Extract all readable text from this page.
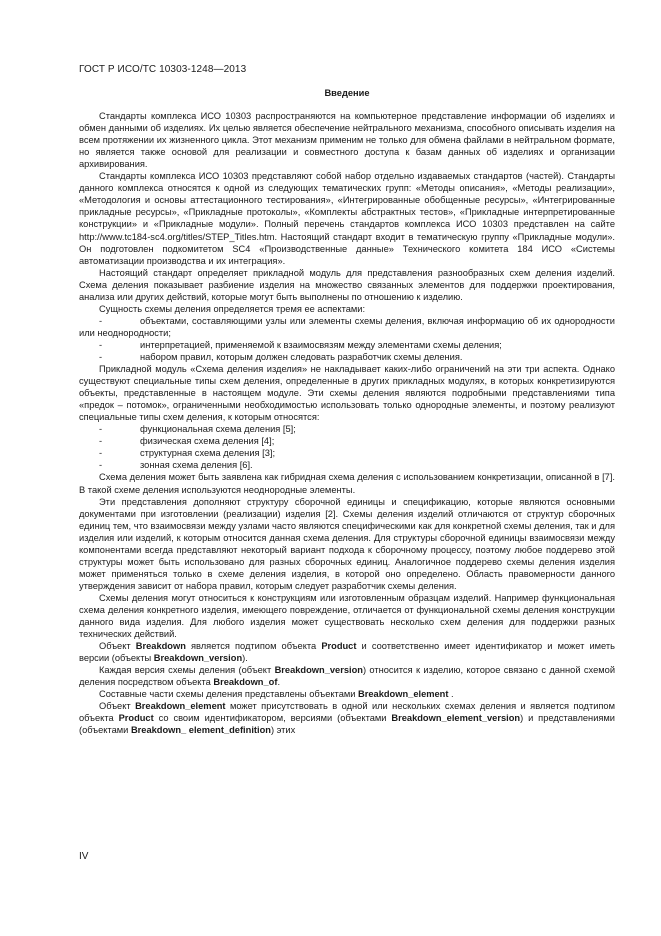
ГОСТ Р ИСО/ТС 10303-1248—2013
Введение

Стандарты комплекса ИСО 10303 распространяются на компьютерное представление информации об изделиях и обмен данными об изделиях. Их целью является обеспечение нейтрального механизма, способного описывать изделия на всем протяжении их жизненного цикла. Этот механизм применим не только для обмена файлами в нейтральном формате, но является также основой для реализации и совместного доступа к базам данных об изделиях и организации архивирования.

Стандарты комплекса ИСО 10303 представляют собой набор отдельно издаваемых стандартов (частей). Стандарты данного комплекса относятся к одной из следующих тематических групп: «Методы описания», «Методы реализации», «Методология и основы аттестационного тестирования», «Интегрированные обобщенные ресурсы», «Интегрированные прикладные ресурсы», «Прикладные протоколы», «Комплекты абстрактных тестов», «Прикладные интерпретированные конструкции» и «Прикладные модули». Полный перечень стандартов комплекса ИСО 10303 представлен на сайте http://www.tc184-sc4.org/titles/STEP_Titles.htm. Настоящий стандарт входит в тематическую группу «Прикладные модули». Он подготовлен подкомитетом SC4 «Производственные данные» Технического комитета 184 ИСО «Системы автоматизации производства и их интеграция».

Настоящий стандарт определяет прикладной модуль для представления разнообразных схем деления изделий. Схема деления показывает разбиение изделия на множество связанных элементов для поддержки проектирования, анализа или других действий, которые могут быть выполнены по отношению к изделию.

Сущность схемы деления определяется тремя ее аспектами:

-	объектами, составляющими узлы или элементы схемы деления, включая информацию об их однородности или неоднородности;

-	интерпретацией, применяемой к взаимосвязям между элементами схемы деления;

-	набором правил, которым должен следовать разработчик схемы деления.

Прикладной модуль «Схема деления изделия» не накладывает каких-либо ограничений на эти три аспекта. Однако существуют специальные типы схем деления, определенные в других прикладных модулях, в которых конкретизируются объекты, представленные в настоящем модуле. Эти схемы деления являются подробными представлениями типа «предок – потомок», ограниченными необходимостью использовать только однородные элементы, и поэтому реализуют специальные типы схем деления, к которым относятся:

-	функциональная схема деления [5];

-	физическая схема деления [4];

-	структурная схема деления [3];

-	зонная схема деления [6].

Схема деления может быть заявлена как гибридная схема деления с использованием конкретизации, описанной в [7]. В такой схеме деления используются неоднородные элементы.

Эти представления дополняют структуру сборочной единицы и спецификацию, которые являются основными документами при изготовлении (реализации) изделия [2]. Схемы деления изделий отличаются от структур сборочных единиц тем, что взаимосвязи между узлами часто являются специфическими как для конкретной схемы деления, так и для изделия или изделий, к которым относится данная схема деления. Для структуры сборочной единицы взаимосвязи между компонентами всегда представляют некоторый вариант подхода к сборочному процессу, поэтому любое поддерево этой структуры может быть использовано для разных сборочных единиц. Аналогичное поддерево схемы деления изделия может применяться только в схеме деления изделия, в которой оно определено. Область правомерности данного утверждения зависит от набора правил, которым следует разработчик схемы деления.

Схемы деления могут относиться к конструкциям или изготовленным образцам изделий. Например функциональная схема деления конкретного изделия, имеющего повреждение, отличается от функциональной схемы деления конструкции данного вида изделия. Для любого изделия может существовать несколько схем деления для поддержки разных технических действий.

Объект Breakdown является подтипом объекта Product и соответственно имеет идентификатор и может иметь версии (объекты Breakdown_version).

Каждая версия схемы деления (объект Breakdown_version) относится к изделию, которое связано с данной схемой деления посредством объекта Breakdown_of.

Составные части схемы деления представлены объектами Breakdown_element .

Объект Breakdown_element может присутствовать в одной или нескольких схемах деления и является подтипом объекта Product со своим идентификатором, версиями (объектами Breakdown_element_version) и представлениями (объектами Breakdown_ element_definition) этих

IV
